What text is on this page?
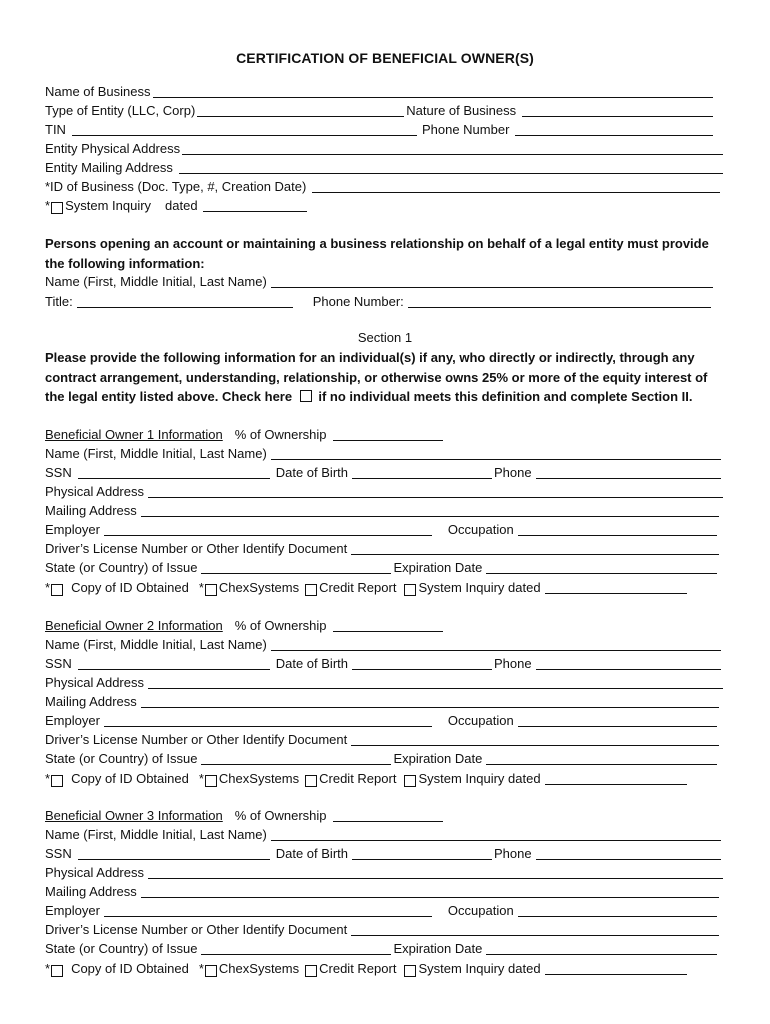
CERTIFICATION OF BENEFICIAL OWNER(S)
Name of Business
Type of Entity (LLC, Corp)	Nature of Business
TIN	Phone Number
Entity Physical Address
Entity Mailing Address
*ID of Business (Doc. Type, #, Creation Date)
* System Inquiry dated
Persons opening an account or maintaining a business relationship on behalf of a legal entity must provide the following information:
Name (First, Middle Initial, Last Name)
Title:	Phone Number:
Section 1
Please provide the following information for an individual(s) if any, who directly or indirectly, through any contract arrangement, understanding, relationship, or otherwise owns 25% or more of the equity interest of the legal entity listed above. Check here if no individual meets this definition and complete Section II.
Beneficial Owner 1 Information % of Ownership
Name (First, Middle Initial, Last Name)
SSN	Date of Birth	Phone
Physical Address
Mailing Address
Employer	Occupation
Driver’s License Number or Other Identify Document
State (or Country) of Issue	Expiration Date
* Copy of ID Obtained * ChexSystems Credit Report System Inquiry dated
Beneficial Owner 2 Information % of Ownership
Name (First, Middle Initial, Last Name)
SSN	Date of Birth	Phone
Physical Address
Mailing Address
Employer	Occupation
Driver’s License Number or Other Identify Document
State (or Country) of Issue	Expiration Date
* Copy of ID Obtained * ChexSystems Credit Report System Inquiry dated
Beneficial Owner 3 Information % of Ownership
Name (First, Middle Initial, Last Name)
SSN	Date of Birth	Phone
Physical Address
Mailing Address
Employer	Occupation
Driver’s License Number or Other Identify Document
State (or Country) of Issue	Expiration Date
* Copy of ID Obtained * ChexSystems Credit Report System Inquiry dated
